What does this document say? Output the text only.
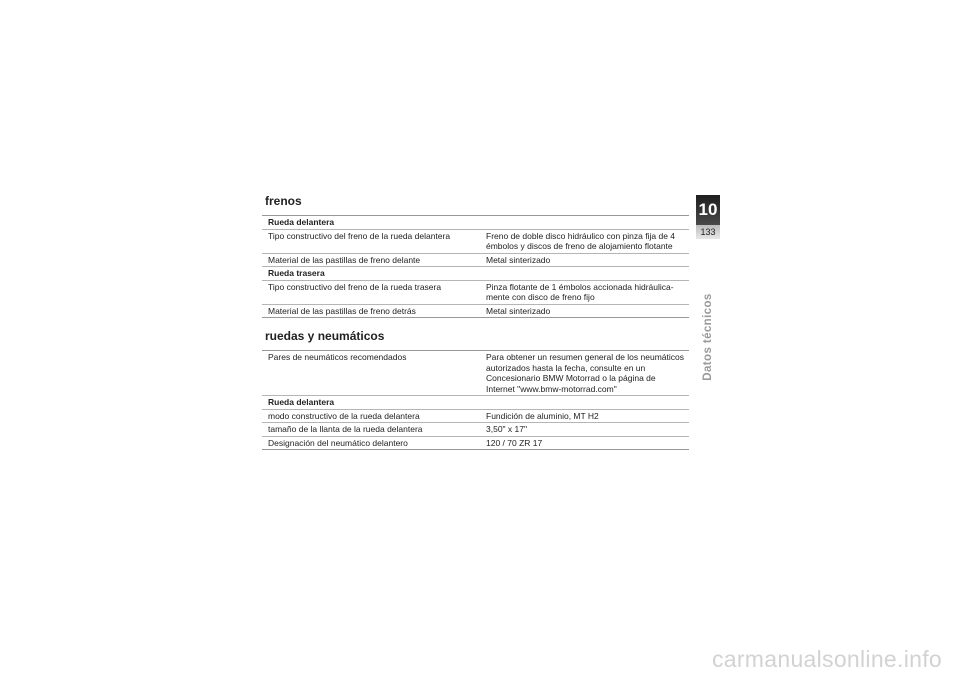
frenos
Rueda delantera
Tipo constructivo del freno de la rueda delantera	Freno de doble disco hidráulico con pinza fija de 4 émbolos y discos de freno de alojamiento flotante
Material de las pastillas de freno delante	Metal sinterizado
Rueda trasera
Tipo constructivo del freno de la rueda trasera	Pinza flotante de 1 émbolos accionada hidráulica-mente con disco de freno fijo
Material de las pastillas de freno detrás	Metal sinterizado
ruedas y neumáticos
Pares de neumáticos recomendados	Para obtener un resumen general de los neumáticos autorizados hasta la fecha, consulte en un Concesionario BMW Motorrad o la página de Internet "www.bmw-motorrad.com"
Rueda delantera
modo constructivo de la rueda delantera	Fundición de aluminio, MT H2
tamaño de la llanta de la rueda delantera	3,50" x 17"
Designación del neumático delantero	120 / 70 ZR 17
10
133
Datos técnicos
carmanualsonline.info
